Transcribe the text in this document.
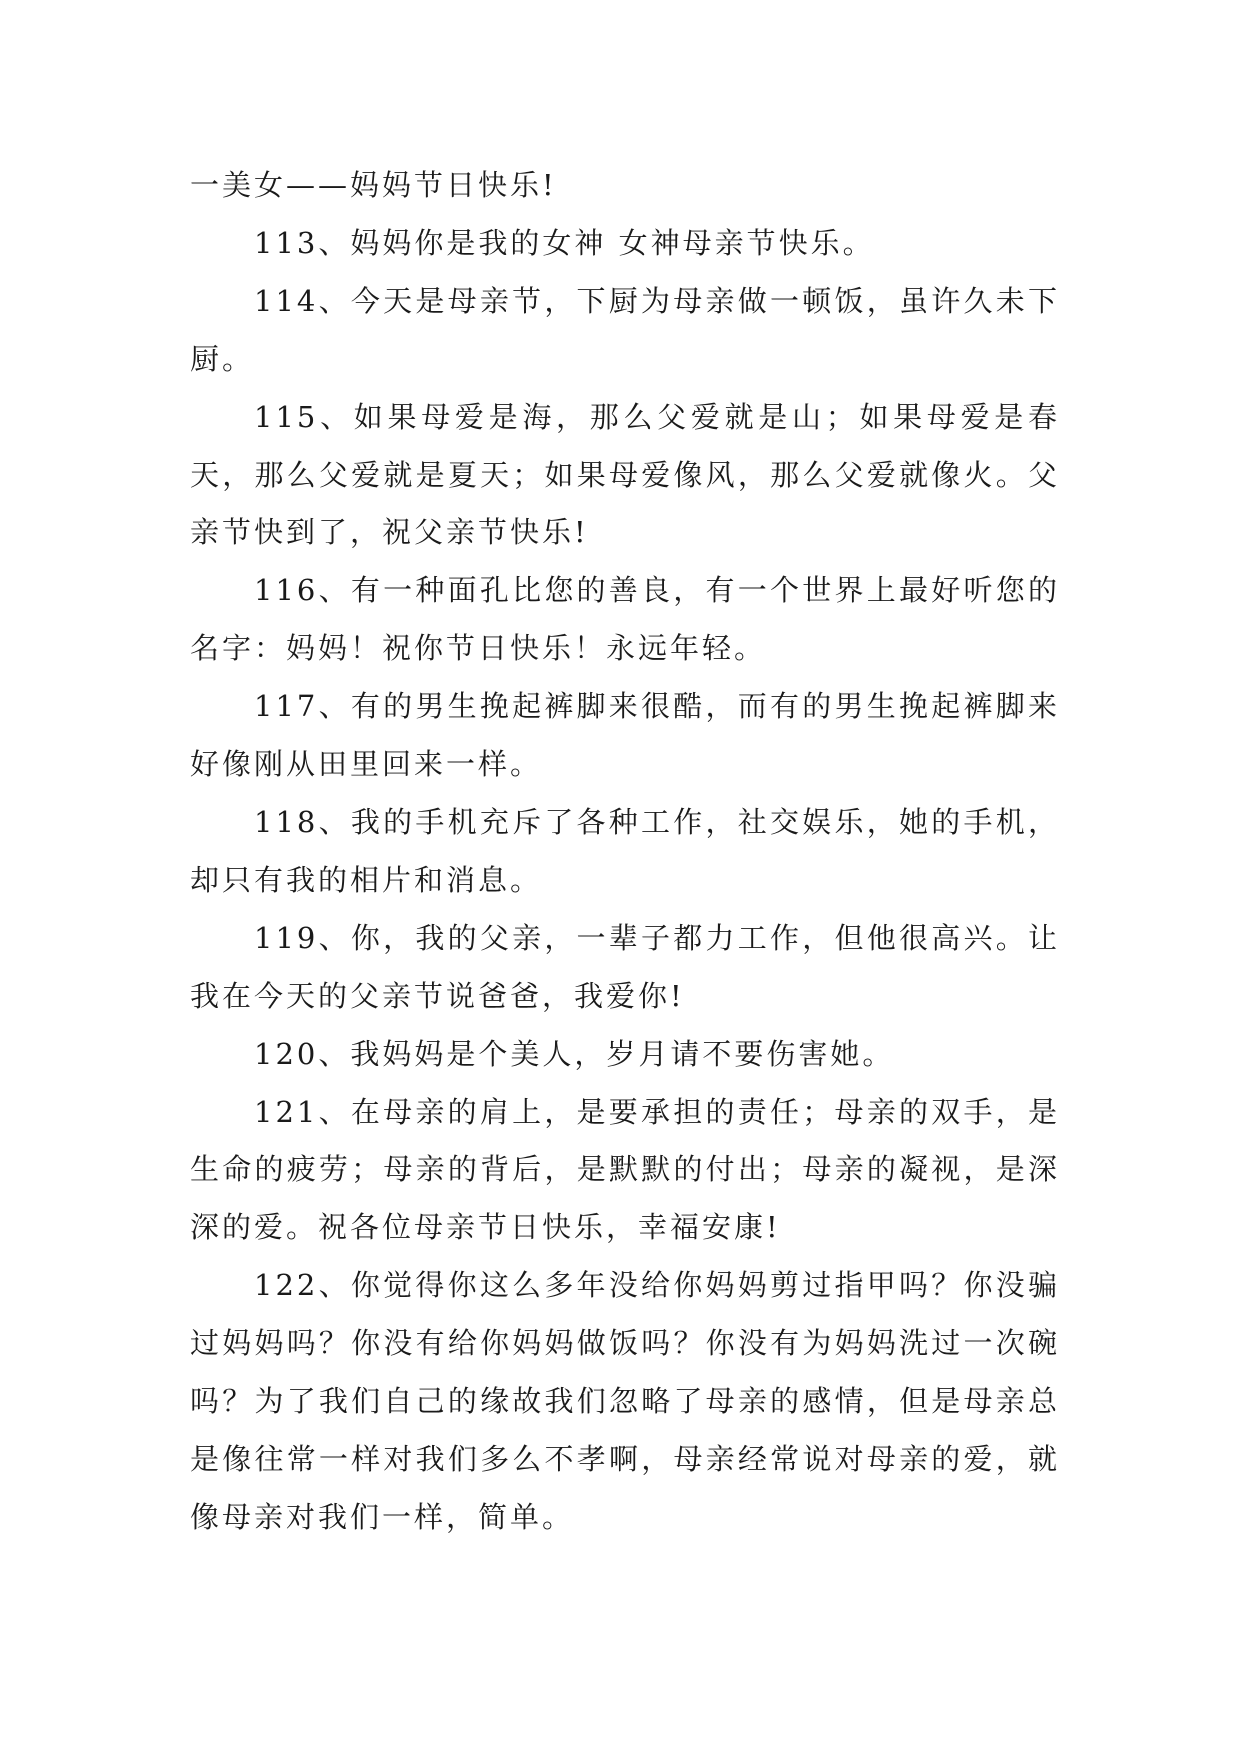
一美女——妈妈节日快乐!

113、妈妈你是我的女神 女神母亲节快乐。

114、今天是母亲节，下厨为母亲做一顿饭，虽许久未下厨。

115、如果母爱是海，那么父爱就是山；如果母爱是春天，那么父爱就是夏天；如果母爱像风，那么父爱就像火。父亲节快到了，祝父亲节快乐!

116、有一种面孔比您的善良，有一个世界上最好听您的名字：妈妈！祝你节日快乐！永远年轻。

117、有的男生挽起裤脚来很酷，而有的男生挽起裤脚来好像刚从田里回来一样。

118、我的手机充斥了各种工作，社交娱乐，她的手机，却只有我的相片和消息。

119、你，我的父亲，一辈子都力工作，但他很高兴。让我在今天的父亲节说爸爸，我爱你!

120、我妈妈是个美人，岁月请不要伤害她。

121、在母亲的肩上，是要承担的责任；母亲的双手，是生命的疲劳；母亲的背后，是默默的付出；母亲的凝视，是深深的爱。祝各位母亲节日快乐，幸福安康!

122、你觉得你这么多年没给你妈妈剪过指甲吗？你没骗过妈妈吗？你没有给你妈妈做饭吗？你没有为妈妈洗过一次碗吗？为了我们自己的缘故我们忽略了母亲的感情，但是母亲总是像往常一样对我们多么不孝啊，母亲经常说对母亲的爱，就像母亲对我们一样，简单。
